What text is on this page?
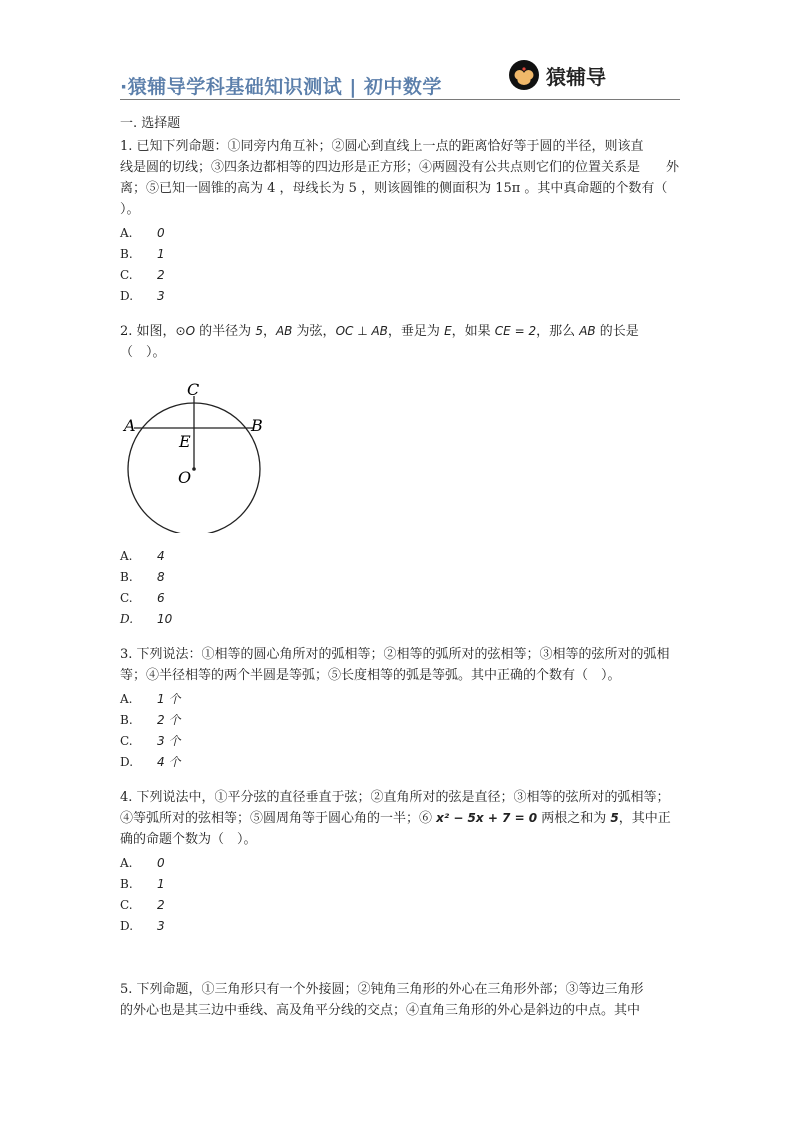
·猿辅导学科基础知识测试 | 初中数学	猿辅导
一. 选择题

1. 已知下列命题：①同旁内角互补；②圆心到直线上一点的距离恰好等于圆的半径，则该直　　线是圆的切线；③四条边都相等的四边形是正方形；④两圆没有公共点则它们的位置关系是　　外离；⑤已知一圆锥的高为 4 ，母线长为 5 ，则该圆锥的侧面积为 15π 。其中真命题的个数有（ ）。

A.	0
B.	1
C.	2
D.	3

2. 如图，⊙O 的半径为 5，AB 为弦，OC ⊥ AB，垂足为 E，如果 CE = 2，那么 AB 的长是（　）。

C
A	B
E
O
A.	4
B.	8
C.	6
D.	10

3. 下列说法：①相等的圆心角所对的弧相等；②相等的弧所对的弦相等；③相等的弦所对的弧相等；④半径相等的两个半圆是等弧；⑤长度相等的弧是等弧。其中正确的个数有（　）。

A.	1 个
B.	2 个
C.	3 个
D.	4 个

4. 下列说法中，①平分弦的直径垂直于弦；②直角所对的弦是直径；③相等的弦所对的弧相等；④等弧所对的弦相等；⑤圆周角等于圆心角的一半；⑥ x² − 5x + 7 = 0 两根之和为 5，其中正确的命题个数为（　）。

A.	0
B.	1
C.	2
D.	3

5. 下列命题，①三角形只有一个外接圆；②钝角三角形的外心在三角形外部；③等边三角形　　的外心也是其三边中垂线、高及角平分线的交点；④直角三角形的外心是斜边的中点。其中
